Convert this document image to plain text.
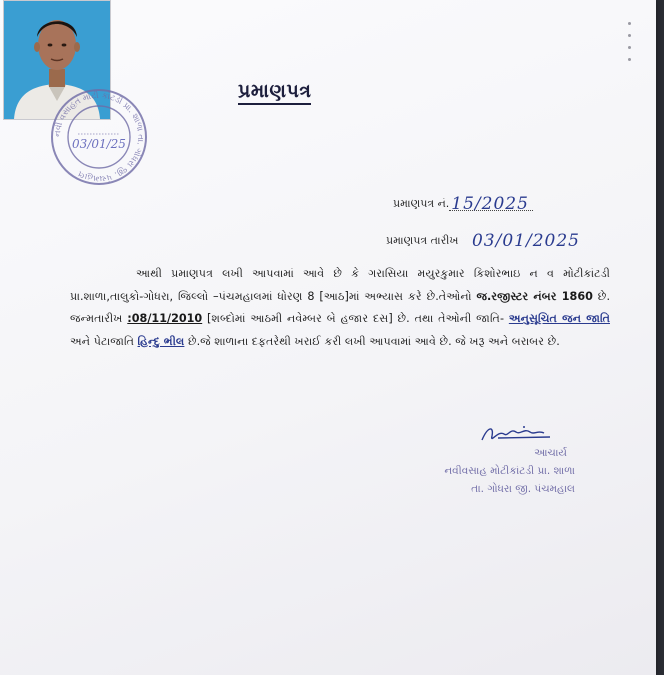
નવી વસાહત મોટી કાંટડી પ્રા. શાળા તા. ગોધરા જી. પંચમહાલ
03/01/25
પ્રમાણપત્ર
પ્રમાણપત્ર નં. 15/2025
પ્રમાણપત્ર તારીખ 03/01/2025

આથી પ્રમાણપત્ર લખી આપવામાં આવે છે કે ગરાસિયા મયુરકુમાર કિશોરભાઇ ન વ મોટીકાંટડી પ્રા.શાળા,તાલુકો-ગોધરા, જિલ્લો –પંચમહાલમાં ધોરણ 8 [આઠ]માં અભ્યાસ કરે છે.તેઓનો જ.રજીસ્ટર નંબર 1860 છે. જન્મતારીખ :08/11/2010 [શબ્દોમાં આઠમી નવેમ્બર બે હજાર દસ] છે. તથા તેઓની જાતિ- અનુસૂચિત જન જાતિ અને પેટાજાતિ હિન્દુ ભીલ છે.જે શાળાના દફતરેથી ખરાઈ કરી લખી આપવામાં આવે છે. જે ખરૂ અને બરાબર છે.

આચાર્ય
નવીવસાહ મોટીકાંટડી પ્રા. શાળા
તા. ગોધરા જી. પંચમહાલ
